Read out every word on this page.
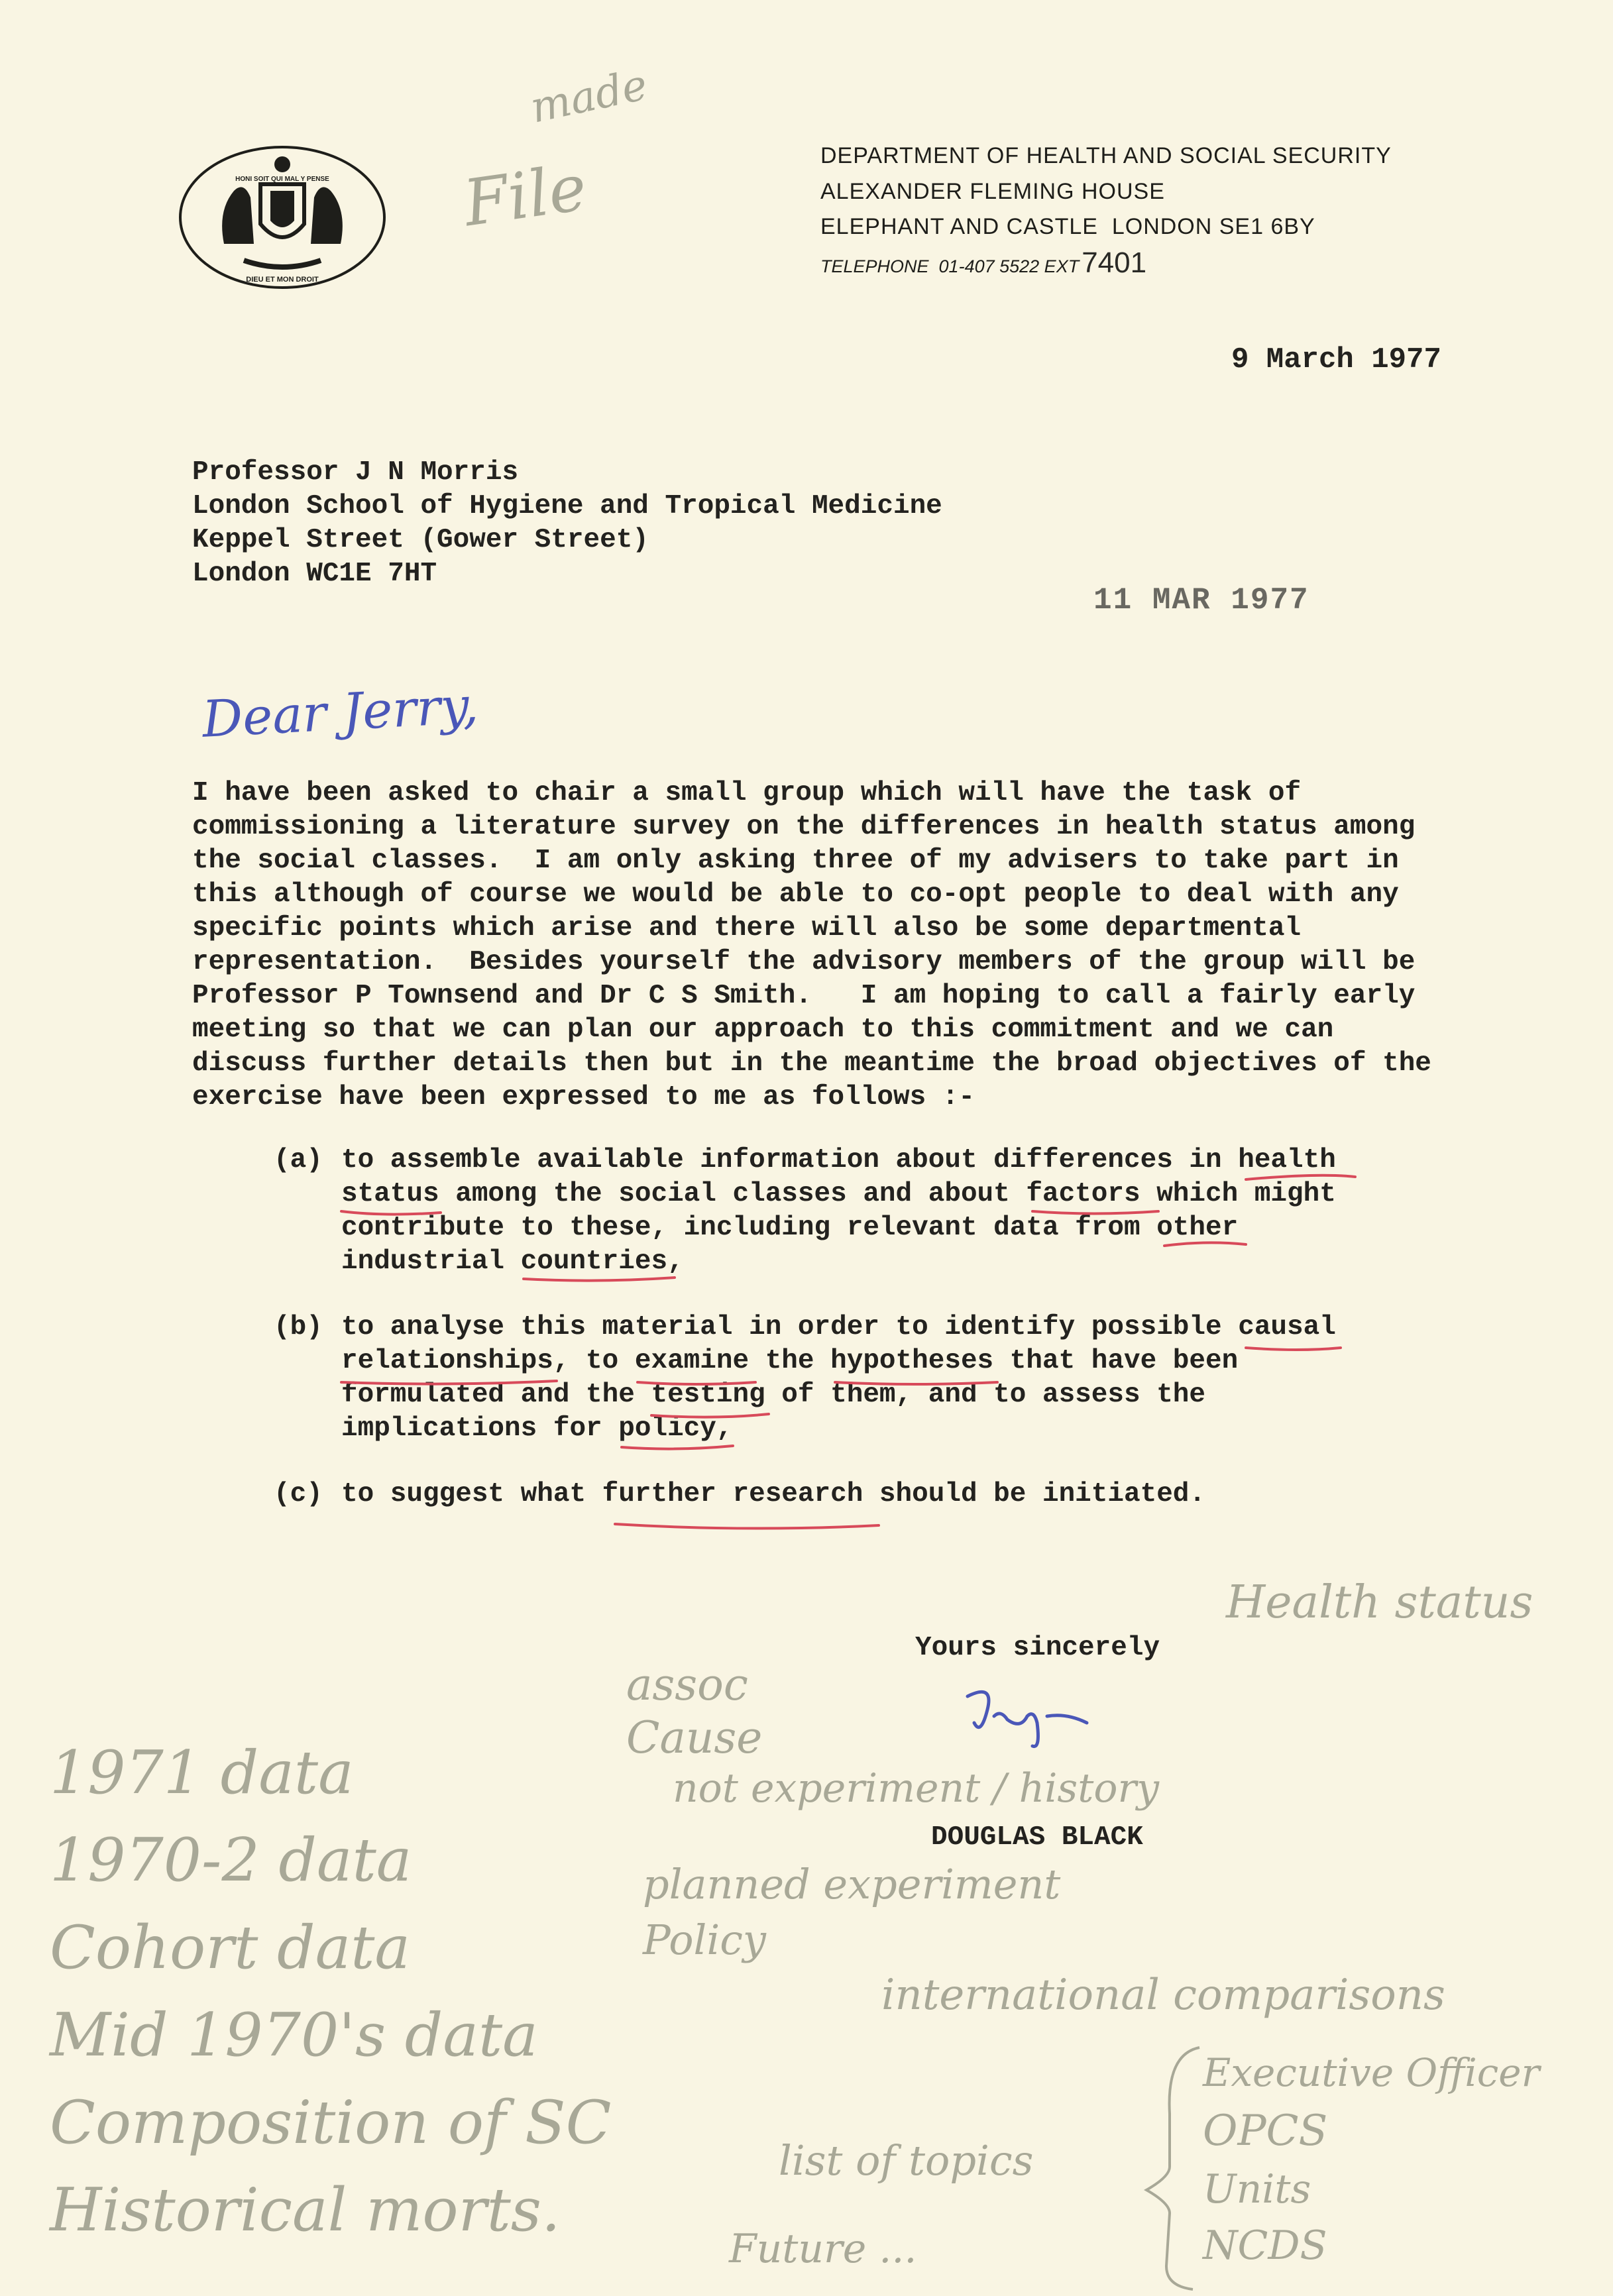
HONI SOIT QUI MAL Y PENSE
DIEU ET MON DROIT
DEPARTMENT OF HEALTH AND SOCIAL SECURITY
ALEXANDER FLEMING HOUSE
ELEPHANT AND CASTLE  LONDON SE1 6BY
TELEPHONE  01-407 5522 EXT 7401
made
File
9 March 1977
Professor J N Morris
London School of Hygiene and Tropical Medicine
Keppel Street (Gower Street)
London WC1E 7HT
11 MAR 1977
Dear Jerry,
I have been asked to chair a small group which will have the task of
commissioning a literature survey on the differences in health status among
the social classes.  I am only asking three of my advisers to take part in
this although of course we would be able to co-opt people to deal with any
specific points which arise and there will also be some departmental
representation.  Besides yourself the advisory members of the group will be
Professor P Townsend and Dr C S Smith.   I am hoping to call a fairly early
meeting so that we can plan our approach to this commitment and we can
discuss further details then but in the meantime the broad objectives of the
exercise have been expressed to me as follows :-
(a) to assemble available information about differences in health
status among the social classes and about factors which might
contribute to these, including relevant data from other
industrial countries,
(b) to analyse this material in order to identify possible causal
relationships, to examine the hypotheses that have been
formulated and the testing of them, and to assess the
implications for policy,
(c) to suggest what further research should be initiated.
Yours sincerely
DOUGLAS BLACK
Health status
1971 data
1970-2 data
Cohort data
Mid 1970's data
Composition of SC
Historical morts.
assoc
Cause
not experiment / history
planned experiment
Policy
international comparisons
list of topics
Executive Officer
OPCS
Units
NCDS
Future ...
